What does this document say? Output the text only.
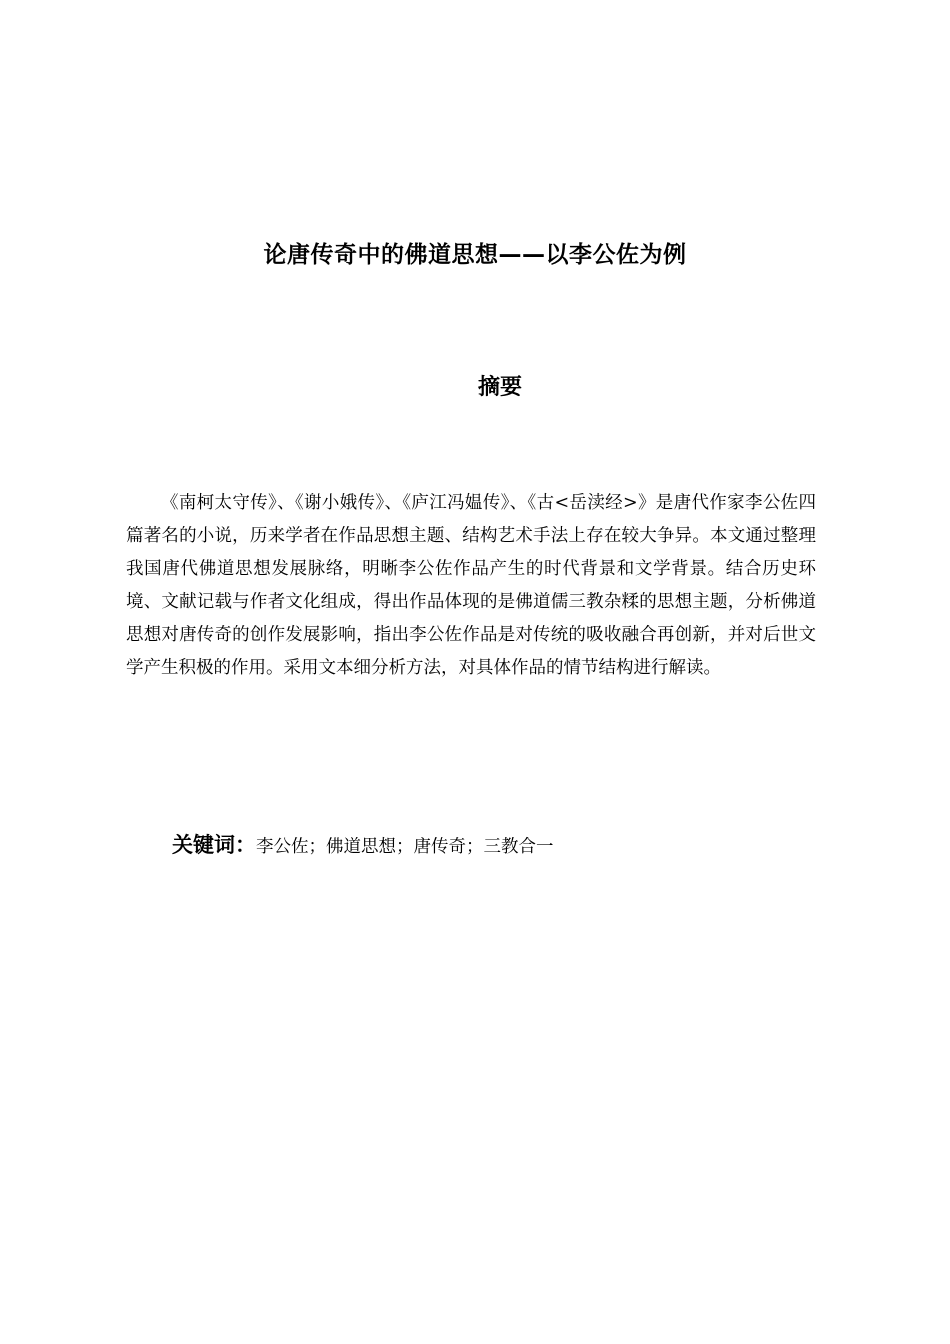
论唐传奇中的佛道思想——以李公佐为例
摘要

《南柯太守传》、《谢小娥传》、《庐江冯媪传》、《古<岳渎经>》是唐代作家李公佐四篇著名的小说，历来学者在作品思想主题、结构艺术手法上存在较大争异。本文通过整理我国唐代佛道思想发展脉络，明晰李公佐作品产生的时代背景和文学背景。结合历史环境、文献记载与作者文化组成，得出作品体现的是佛道儒三教杂糅的思想主题，分析佛道思想对唐传奇的创作发展影响，指出李公佐作品是对传统的吸收融合再创新，并对后世文学产生积极的作用。采用文本细分析方法，对具体作品的情节结构进行解读。

关键词：李公佐；佛道思想；唐传奇；三教合一
